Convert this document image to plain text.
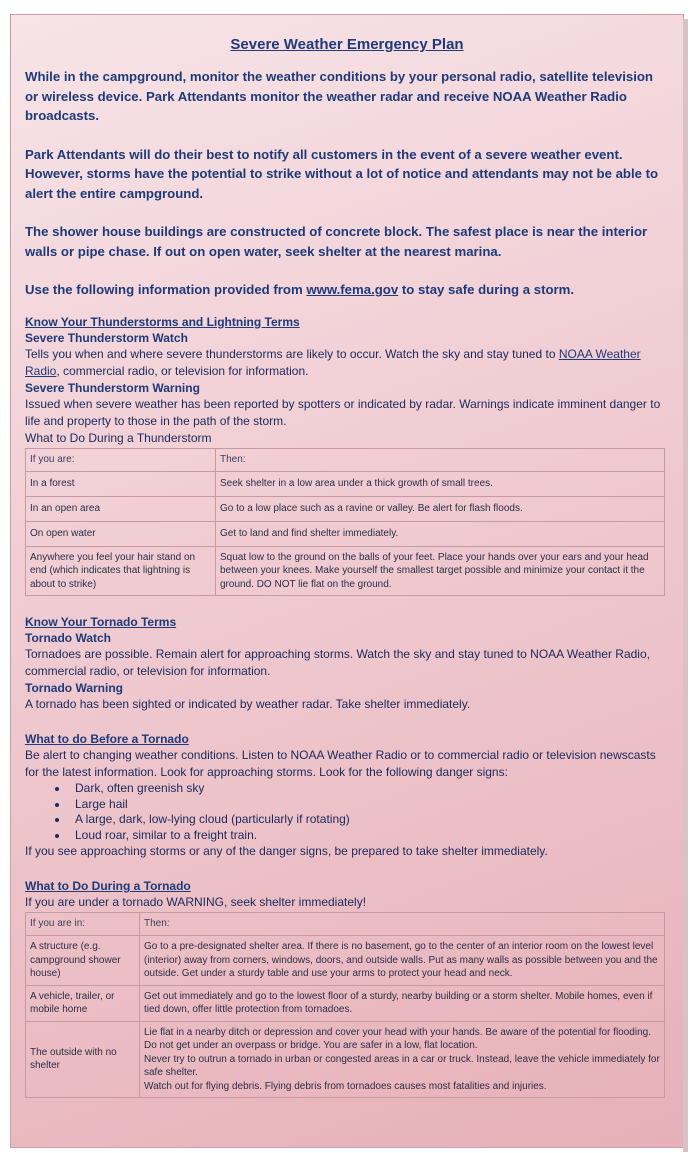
Severe Weather Emergency Plan

While in the campground, monitor the weather conditions by your personal radio, satellite television or wireless device. Park Attendants monitor the weather radar and receive NOAA Weather Radio broadcasts.

Park Attendants will do their best to notify all customers in the event of a severe weather event. However, storms have the potential to strike without a lot of notice and attendants may not be able to alert the entire campground.

The shower house buildings are constructed of concrete block. The safest place is near the interior walls or pipe chase. If out on open water, seek shelter at the nearest marina.

Use the following information provided from www.fema.gov to stay safe during a storm.

Know Your Thunderstorms and Lightning Terms

Severe Thunderstorm Watch

Tells you when and where severe thunderstorms are likely to occur. Watch the sky and stay tuned to NOAA Weather Radio, commercial radio, or television for information.

Severe Thunderstorm Warning

Issued when severe weather has been reported by spotters or indicated by radar. Warnings indicate imminent danger to life and property to those in the path of the storm.

What to Do During a Thunderstorm

If you are:	Then:
In a forest	Seek shelter in a low area under a thick growth of small trees.
In an open area	Go to a low place such as a ravine or valley. Be alert for flash floods.
On open water	Get to land and find shelter immediately.
Anywhere you feel your hair stand on end (which indicates that lightning is about to strike)	Squat low to the ground on the balls of your feet. Place your hands over your ears and your head between your knees. Make yourself the smallest target possible and minimize your contact it the ground. DO NOT lie flat on the ground.

Know Your Tornado Terms

Tornado Watch

Tornadoes are possible. Remain alert for approaching storms. Watch the sky and stay tuned to NOAA Weather Radio, commercial radio, or television for information.

Tornado Warning

A tornado has been sighted or indicated by weather radar. Take shelter immediately.

What to do Before a Tornado

Be alert to changing weather conditions. Listen to NOAA Weather Radio or to commercial radio or television newscasts for the latest information. Look for approaching storms. Look for the following danger signs:

• Dark, often greenish sky
• Large hail
• A large, dark, low-lying cloud (particularly if rotating)
• Loud roar, similar to a freight train.

If you see approaching storms or any of the danger signs, be prepared to take shelter immediately.

What to Do During a Tornado

If you are under a tornado WARNING, seek shelter immediately!

If you are in:	Then:
A structure (e.g. campground shower house)	Go to a pre-designated shelter area. If there is no basement, go to the center of an interior room on the lowest level (interior) away from corners, windows, doors, and outside walls. Put as many walls as possible between you and the outside. Get under a sturdy table and use your arms to protect your head and neck.
A vehicle, trailer, or mobile home	Get out immediately and go to the lowest floor of a sturdy, nearby building or a storm shelter. Mobile homes, even if tied down, offer little protection from tornadoes.
The outside with no shelter	Lie flat in a nearby ditch or depression and cover your head with your hands. Be aware of the potential for flooding. Do not get under an overpass or bridge. You are safer in a low, flat location.
Never try to outrun a tornado in urban or congested areas in a car or truck. Instead, leave the vehicle immediately for safe shelter.
Watch out for flying debris. Flying debris from tornadoes causes most fatalities and injuries.
